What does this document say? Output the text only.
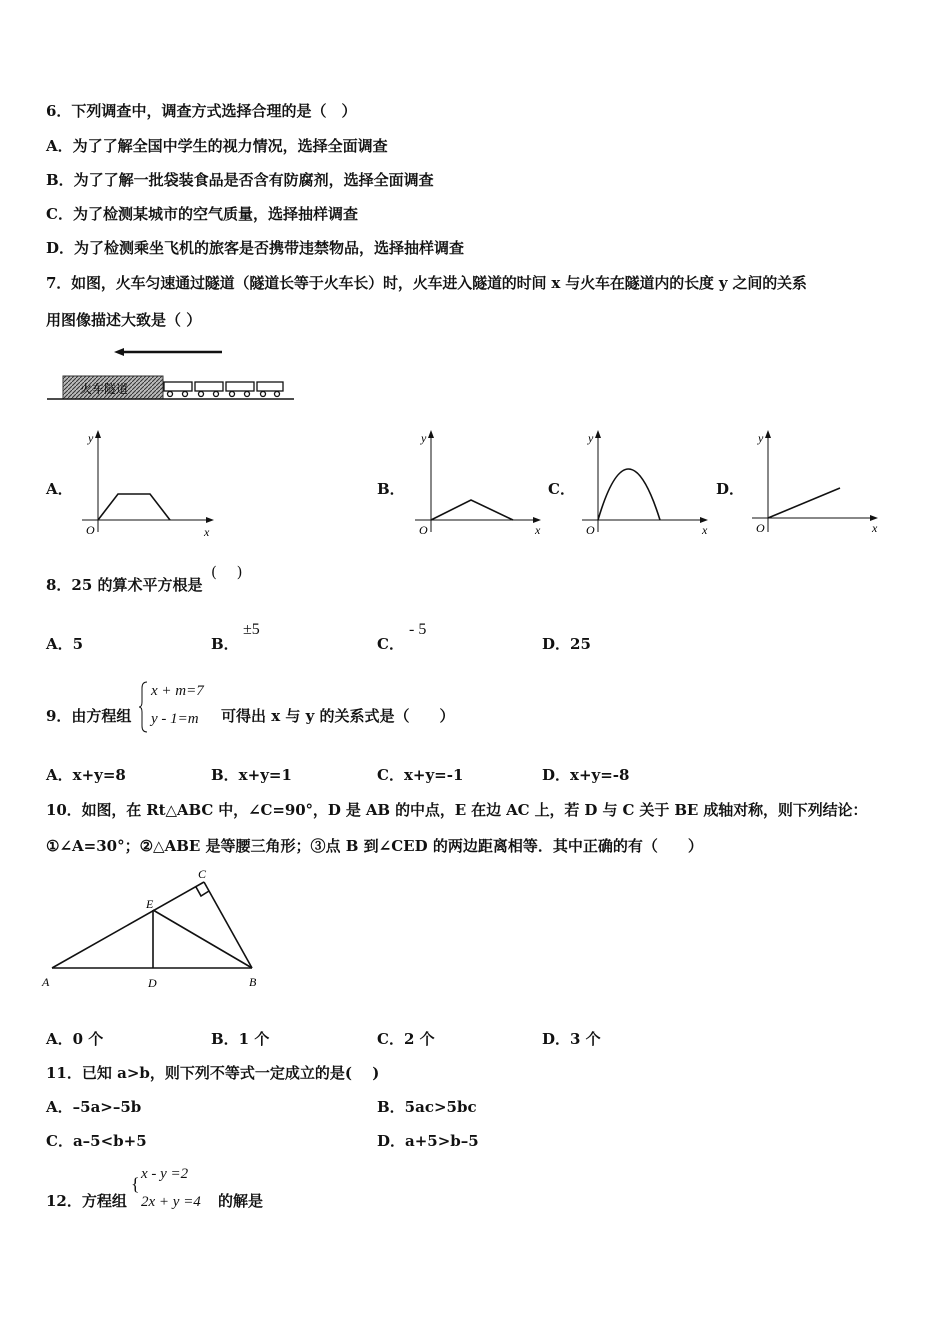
6．下列调查中，调查方式选择合理的是（　）
A．为了了解全国中学生的视力情况，选择全面调查
B．为了了解一批袋装食品是否含有防腐剂，选择全面调查
C．为了检测某城市的空气质量，选择抽样调查
D．为了检测乘坐飞机的旅客是否携带违禁物品，选择抽样调查
7．如图，火车匀速通过隧道（隧道长等于火车长）时，火车进入隧道的时间 x 与火车在隧道内的长度 y 之间的关系
用图像描述大致是（ ）
火车隧道
A．
y
x
O
B．
y
x
O
C．
y
x
O
D．
y
x
O
8．25 的算术平方根是
(　 )
A．5	B．
±5
C．
- 5
D．25
9．由方程组
x + m=7
y - 1=m 可得出 x 与 y 的关系式是（　　）
A．x+y=8	B．x+y=1	C．x+y=-1	D．x+y=-8
10．如图，在 Rt△ABC 中，∠C=90°，D 是 AB 的中点，E 在边 AC 上，若 D 与 C 关于 BE 成轴对称，则下列结论：
①∠A=30°；②△ABE 是等腰三角形；③点 B 到∠CED 的两边距离相等．其中正确的有（　　）
A	B
C
D
E
A．0 个	B．1 个	C．2 个	D．3 个
11．已知 a>b，则下列不等式一定成立的是(　 )
A．–5a>–5b	B．5ac>5bc
C．a–5<b+5	D．a+5>b–5
12．方程组
{ x - y =2
2x + y =4 的解是
